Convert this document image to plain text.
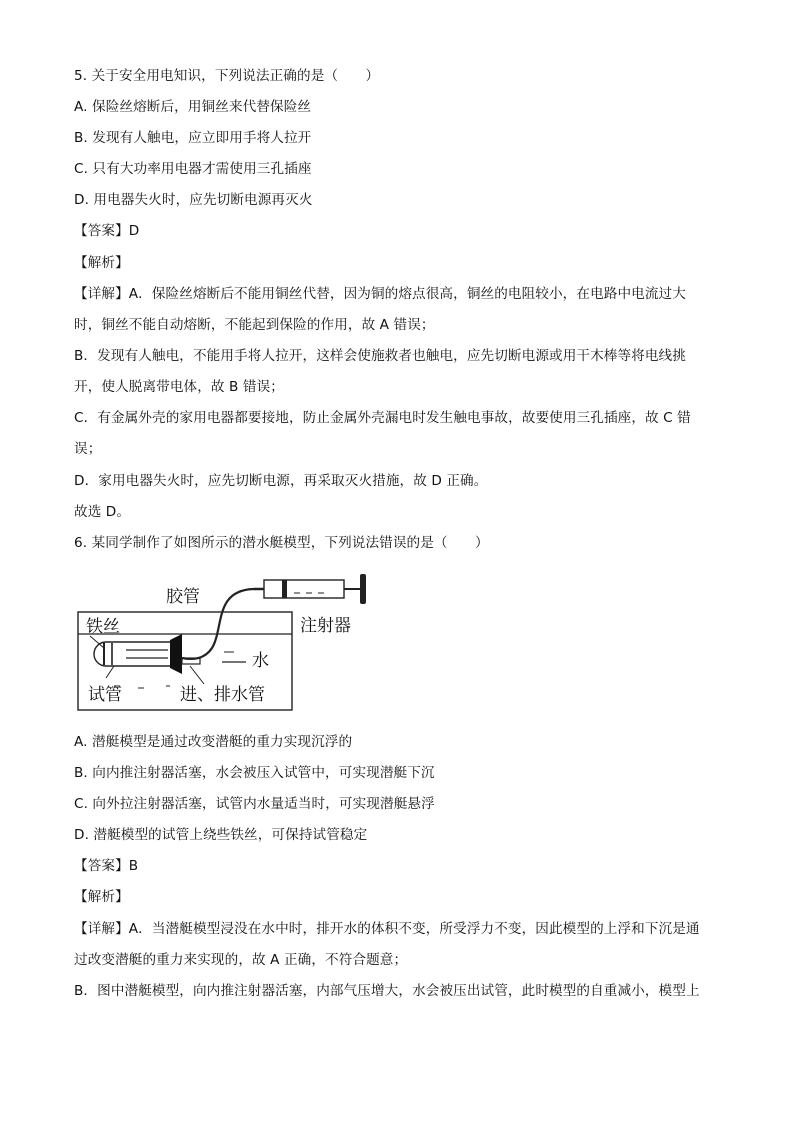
5. 关于安全用电知识，下列说法正确的是（　　）
A. 保险丝熔断后，用铜丝来代替保险丝
B. 发现有人触电，应立即用手将人拉开
C. 只有大功率用电器才需使用三孔插座
D. 用电器失火时，应先切断电源再灭火
【答案】D
【解析】
【详解】A．保险丝熔断后不能用铜丝代替，因为铜的熔点很高，铜丝的电阻较小，在电路中电流过大
时，铜丝不能自动熔断，不能起到保险的作用，故 A 错误；
B．发现有人触电，不能用手将人拉开，这样会使施救者也触电，应先切断电源或用干木棒等将电线挑
开，使人脱离带电体，故 B 错误；
C．有金属外壳的家用电器都要接地，防止金属外壳漏电时发生触电事故，故要使用三孔插座，故 C 错
误；
D．家用电器失火时，应先切断电源，再采取灭火措施，故 D 正确。
故选 D。
6. 某同学制作了如图所示的潜水艇模型，下列说法错误的是（　　）
胶管
注射器
铁丝
水
试管	进、排水管
A. 潜艇模型是通过改变潜艇的重力实现沉浮的
B. 向内推注射器活塞，水会被压入试管中，可实现潜艇下沉
C. 向外拉注射器活塞，试管内水量适当时，可实现潜艇悬浮
D. 潜艇模型的试管上绕些铁丝，可保持试管稳定
【答案】B
【解析】
【详解】A．当潜艇模型浸没在水中时，排开水的体积不变，所受浮力不变，因此模型的上浮和下沉是通
过改变潜艇的重力来实现的，故 A 正确，不符合题意；
B．图中潜艇模型，向内推注射器活塞，内部气压增大，水会被压出试管，此时模型的自重减小，模型上
